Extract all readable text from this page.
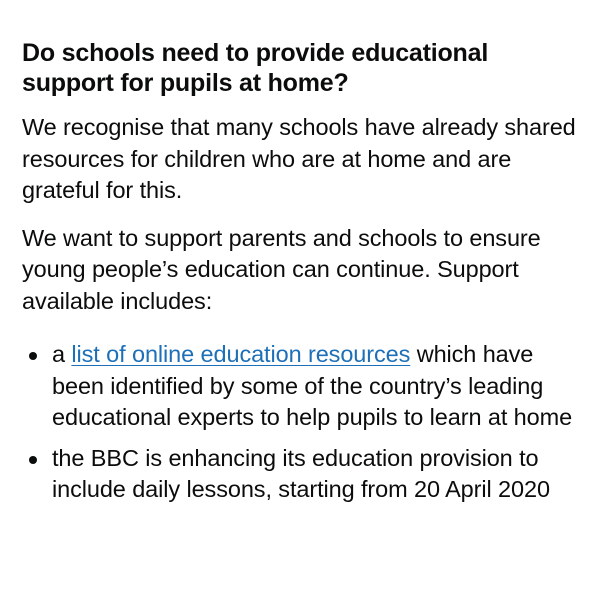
Do schools need to provide educational support for pupils at home?

We recognise that many schools have already shared resources for children who are at home and are grateful for this.

We want to support parents and schools to ensure young people’s education can continue. Support available includes:

a list of online education resources which have been identified by some of the country’s leading educational experts to help pupils to learn at home
the BBC is enhancing its education provision to include daily lessons, starting from 20 April 2020
